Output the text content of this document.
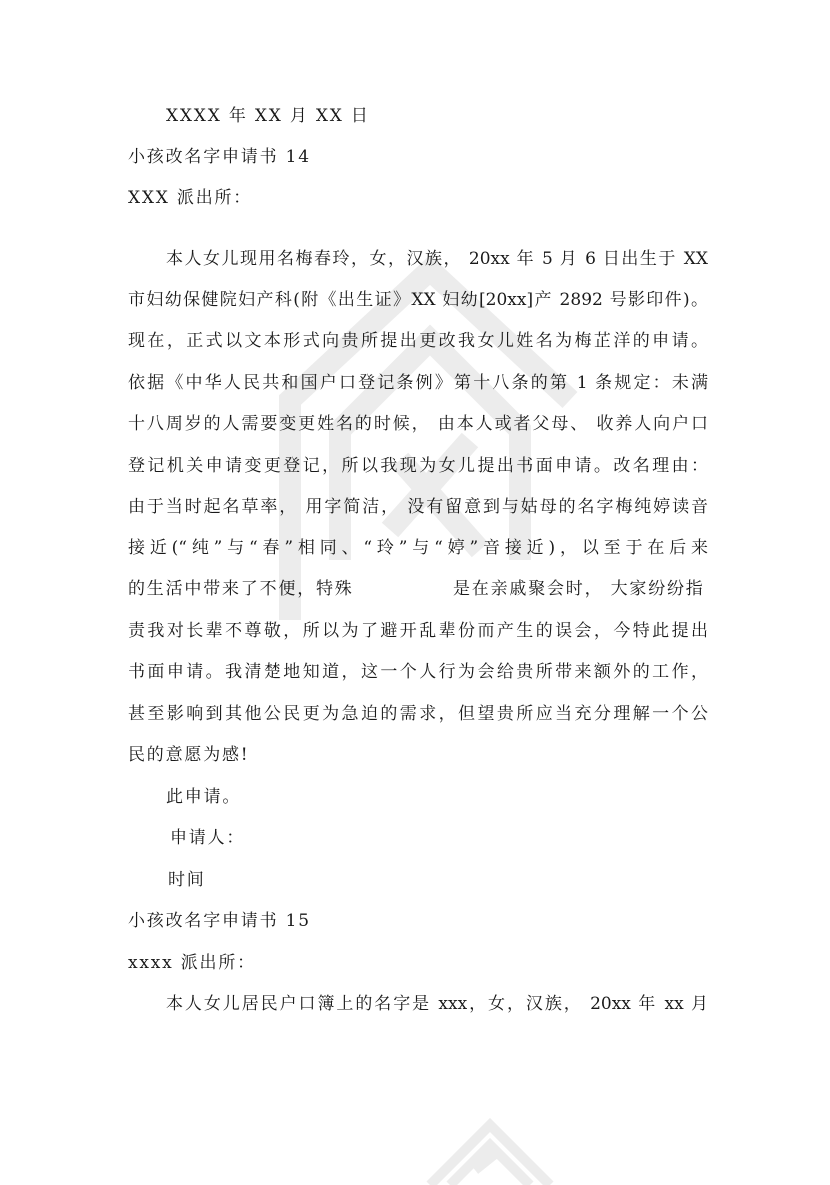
XXXX 年 XX 月 XX 日
小孩改名字申请书 14
XXX 派出所：
本人女儿现用名梅春玲，女，汉族， 20xx 年 5 月 6 日出生于 XX
市妇幼保健院妇产科(附《出生证》XX 妇幼[20xx]产 2892 号影印件)。
现在，正式以文本形式向贵所提出更改我女儿姓名为梅芷洋的申请。
依据《中华人民共和国户口登记条例》第十八条的第 1 条规定：未满
十八周岁的人需要变更姓名的时候， 由本人或者父母、 收养人向户口
登记机关申请变更登记，所以我现为女儿提出书面申请。改名理由：
由于当时起名草率， 用字简洁， 没有留意到与姑母的名字梅纯婷读音
接近(“纯”与“春”相同、“玲”与“婷”音接近)，以至于在后来
的生活中带来了不便，特殊	是在亲戚聚会时， 大家纷纷指
责我对长辈不尊敬，所以为了避开乱辈份而产生的误会，今特此提出
书面申请。我清楚地知道，这一个人行为会给贵所带来额外的工作，
甚至影响到其他公民更为急迫的需求，但望贵所应当充分理解一个公
民的意愿为感!
此申请。
申请人：
时间
小孩改名字申请书 15
xxxx 派出所：
本人女儿居民户口簿上的名字是 xxx，女，汉族， 20xx 年 xx 月
